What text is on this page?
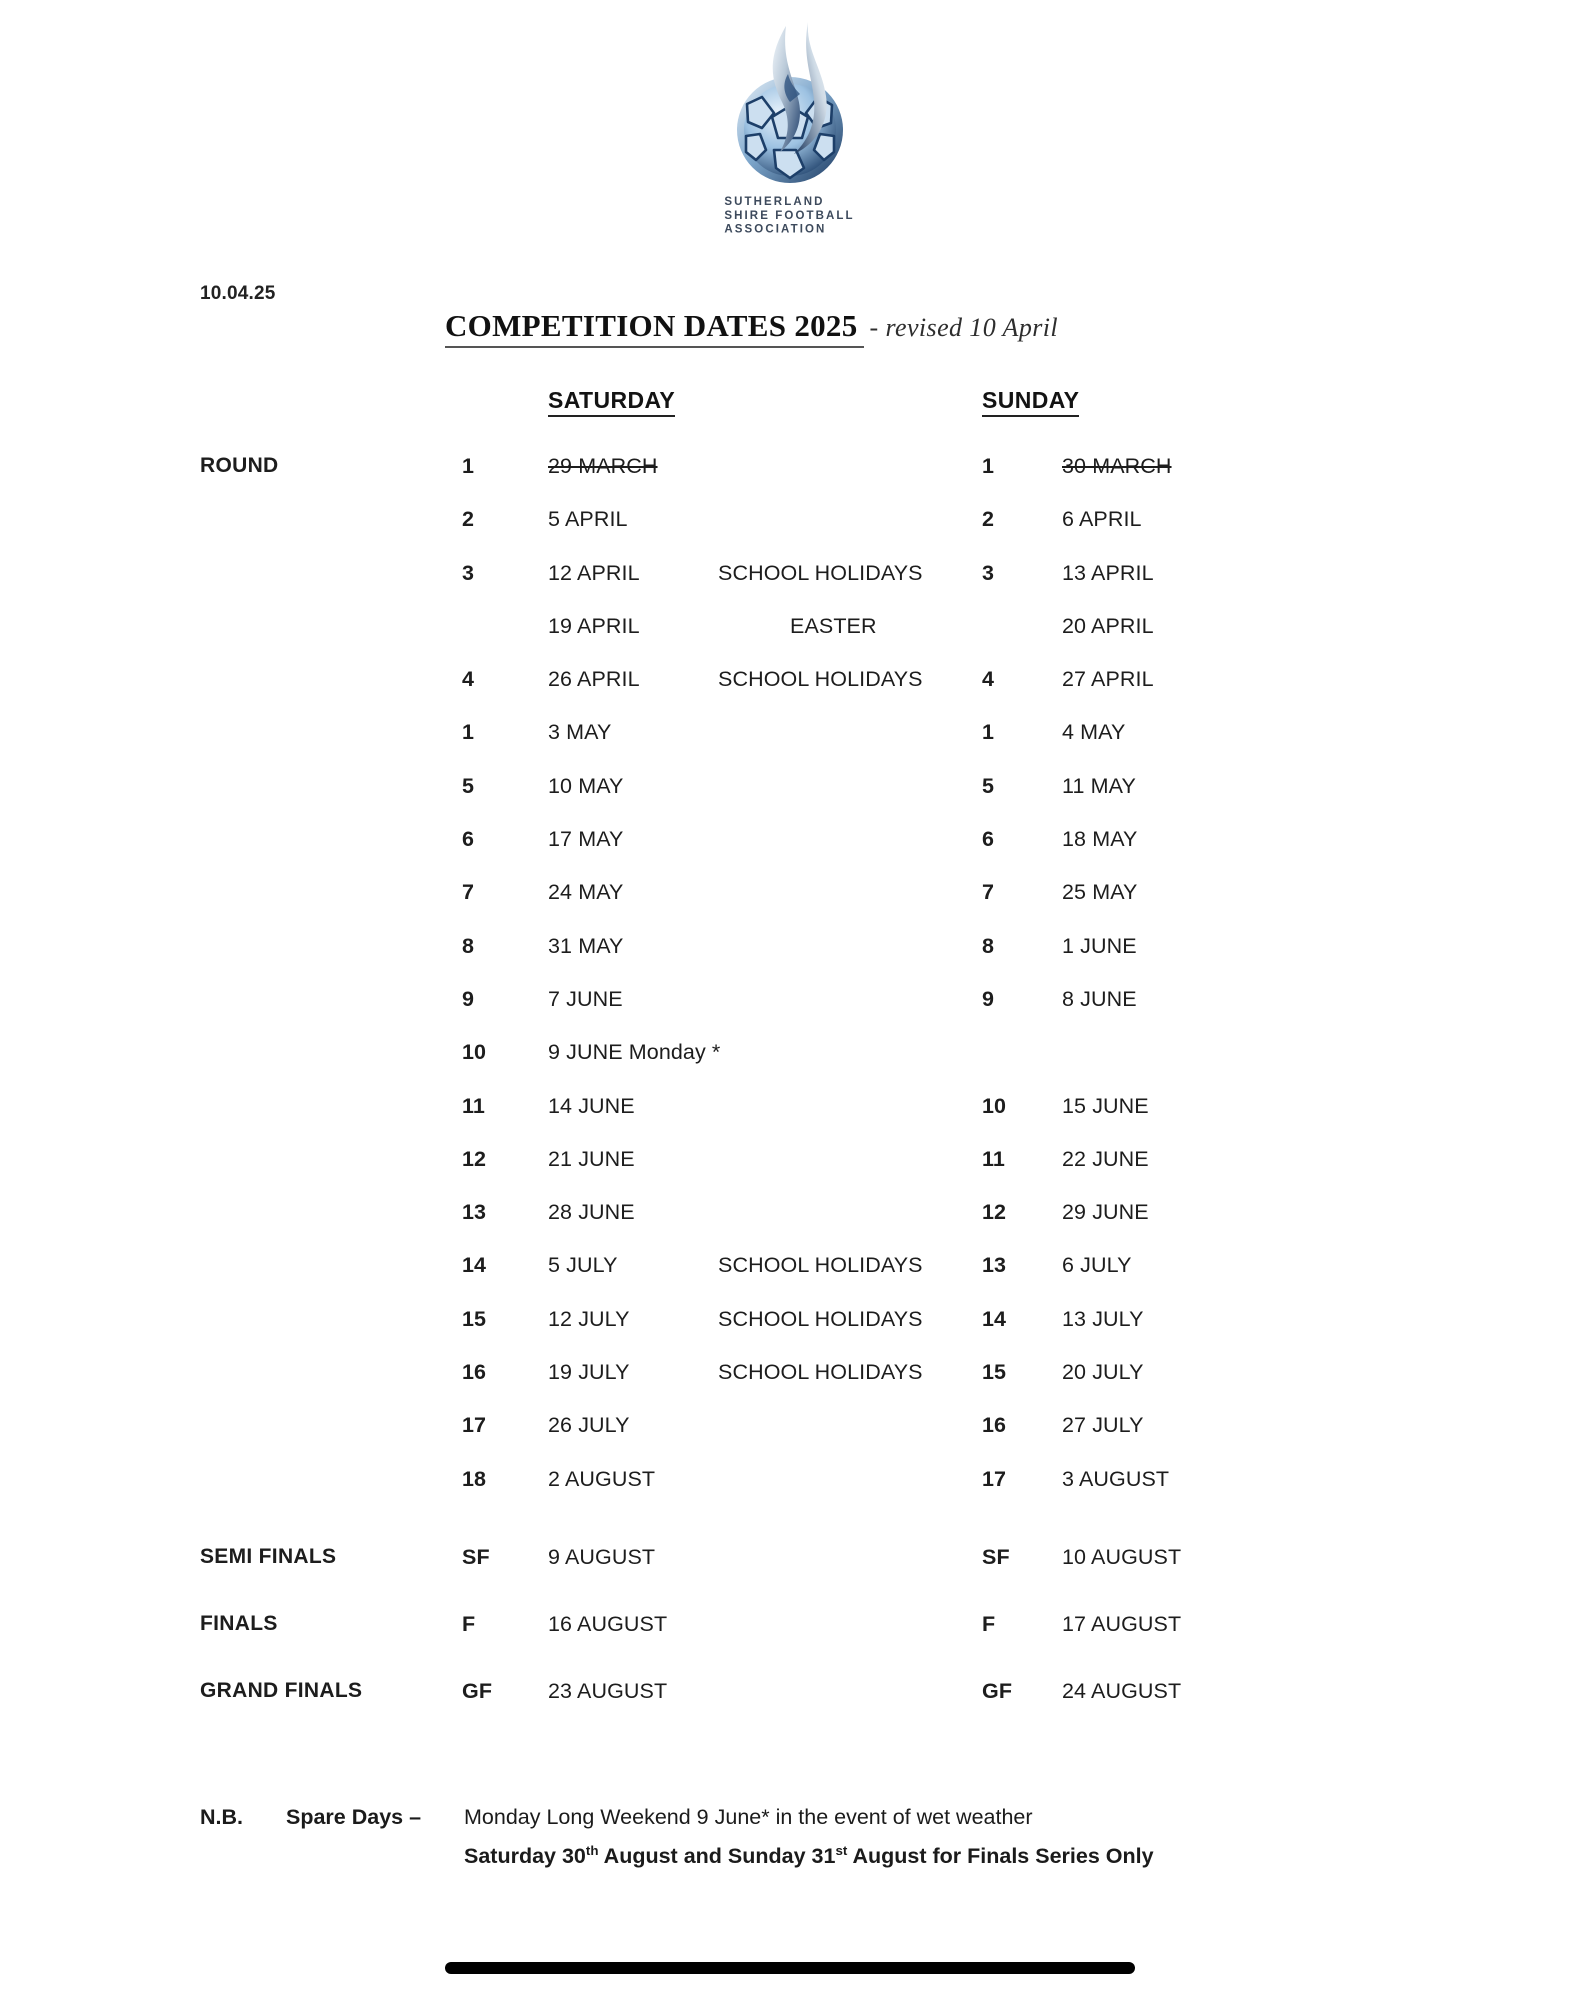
SUTHERLAND
SHIRE FOOTBALL
ASSOCIATION
10.04.25
COMPETITION DATES 2025 - revised 10 April
SATURDAY	SUNDAY
ROUND	1	29 MARCH	1	30 MARCH
2	5 APRIL	2	6 APRIL
3	12 APRIL	SCHOOL HOLIDAYS	3	13 APRIL
19 APRIL	EASTER	20 APRIL
4	26 APRIL	SCHOOL HOLIDAYS	4	27 APRIL
1	3 MAY	1	4 MAY
5	10 MAY	5	11 MAY
6	17 MAY	6	18 MAY
7	24 MAY	7	25 MAY
8	31 MAY	8	1 JUNE
9	7 JUNE	9	8 JUNE
10	9 JUNE Monday *
11	14 JUNE	10	15 JUNE
12	21 JUNE	11	22 JUNE
13	28 JUNE	12	29 JUNE
14	5 JULY	SCHOOL HOLIDAYS	13	6 JULY
15	12 JULY	SCHOOL HOLIDAYS	14	13 JULY
16	19 JULY	SCHOOL HOLIDAYS	15	20 JULY
17	26 JULY	16	27 JULY
18	2 AUGUST	17	3 AUGUST
SEMI FINALS	SF	9 AUGUST	SF 10 AUGUST
FINALS	F	16 AUGUST	F	17 AUGUST
GRAND FINALS	GF	23 AUGUST	GF 24 AUGUST
N.B.	Spare Days –	Monday Long Weekend 9 June* in the event of wet weather
Saturday 30th August and Sunday 31st August for Finals Series Only
